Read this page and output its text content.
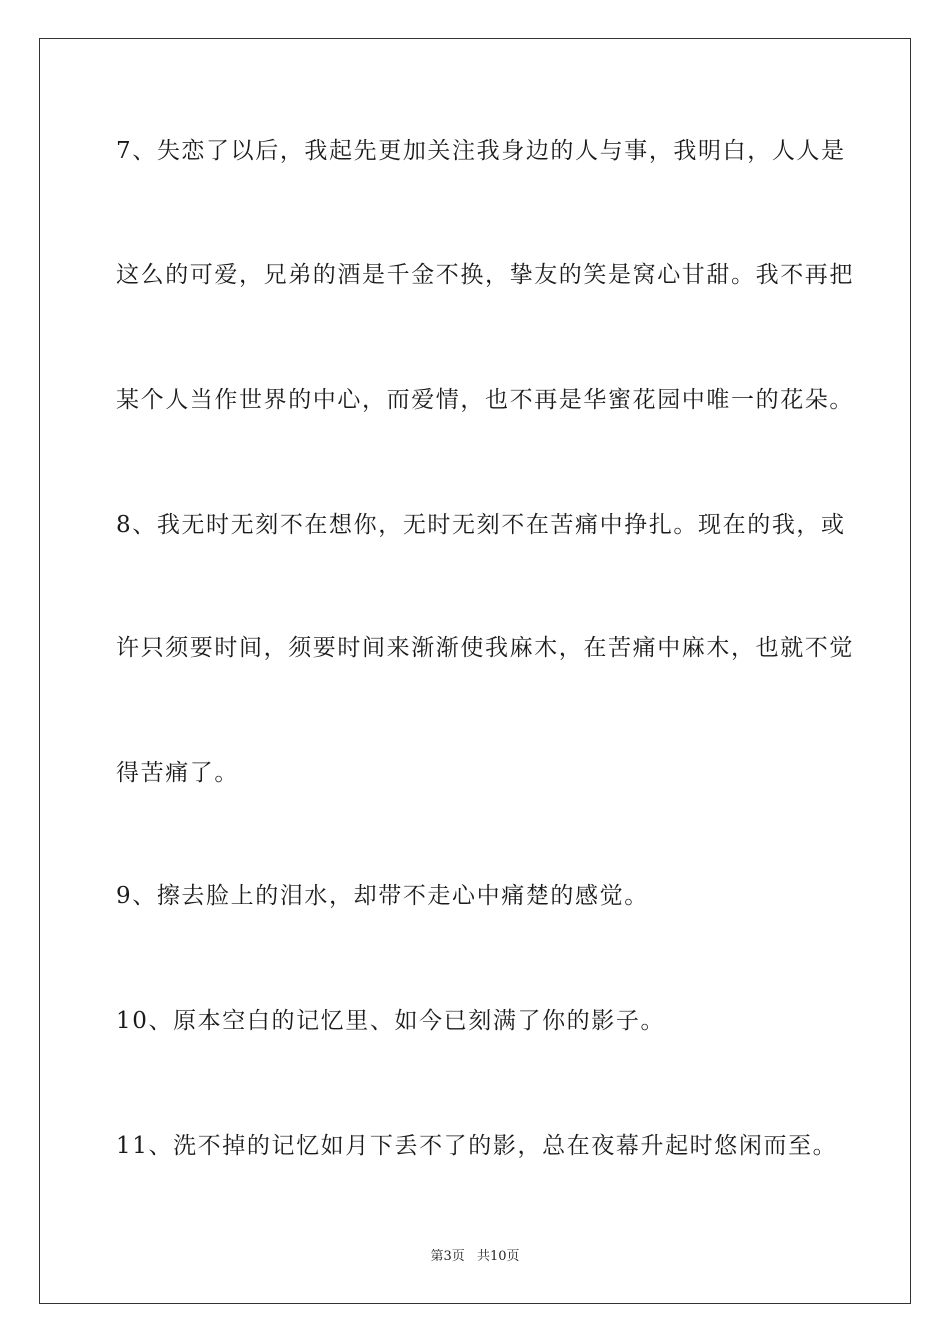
7、失恋了以后，我起先更加关注我身边的人与事，我明白，人人是
这么的可爱，兄弟的酒是千金不换，挚友的笑是窝心甘甜。我不再把
某个人当作世界的中心，而爱情，也不再是华蜜花园中唯一的花朵。
8、我无时无刻不在想你，无时无刻不在苦痛中挣扎。现在的我，或
许只须要时间，须要时间来渐渐使我麻木，在苦痛中麻木，也就不觉
得苦痛了。
9、擦去脸上的泪水，却带不走心中痛楚的感觉。
10、原本空白的记忆里、如今已刻满了你的影子。
11、洗不掉的记忆如月下丢不了的影，总在夜幕升起时悠闲而至。
第3页 共10页
